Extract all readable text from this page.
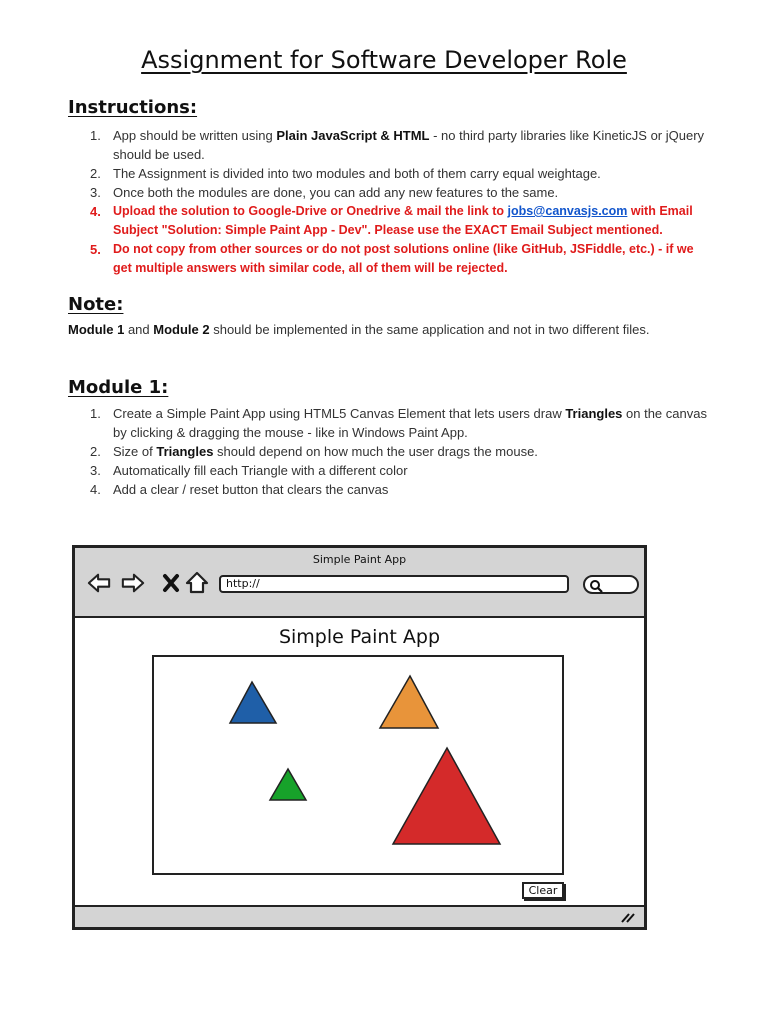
Assignment for Software Developer Role
Instructions:
1. App should be written using Plain JavaScript & HTML - no third party libraries like KineticJS or jQuery should be used.
2. The Assignment is divided into two modules and both of them carry equal weightage.
3. Once both the modules are done, you can add any new features to the same.
4. Upload the solution to Google-Drive or Onedrive & mail the link to jobs@canvasjs.com with Email Subject "Solution: Simple Paint App - Dev". Please use the EXACT Email Subject mentioned.
5. Do not copy from other sources or do not post solutions online (like GitHub, JSFiddle, etc.) - if we get multiple answers with similar code, all of them will be rejected.
Note:

Module 1 and Module 2 should be implemented in the same application and not in two different files.

Module 1:
1. Create a Simple Paint App using HTML5 Canvas Element that lets users draw Triangles on the canvas by clicking & dragging the mouse - like in Windows Paint App.
2. Size of Triangles should depend on how much the user drags the mouse.
3. Automatically fill each Triangle with a different color
4. Add a clear / reset button that clears the canvas
Simple Paint App
http://
Simple Paint App
Clear
